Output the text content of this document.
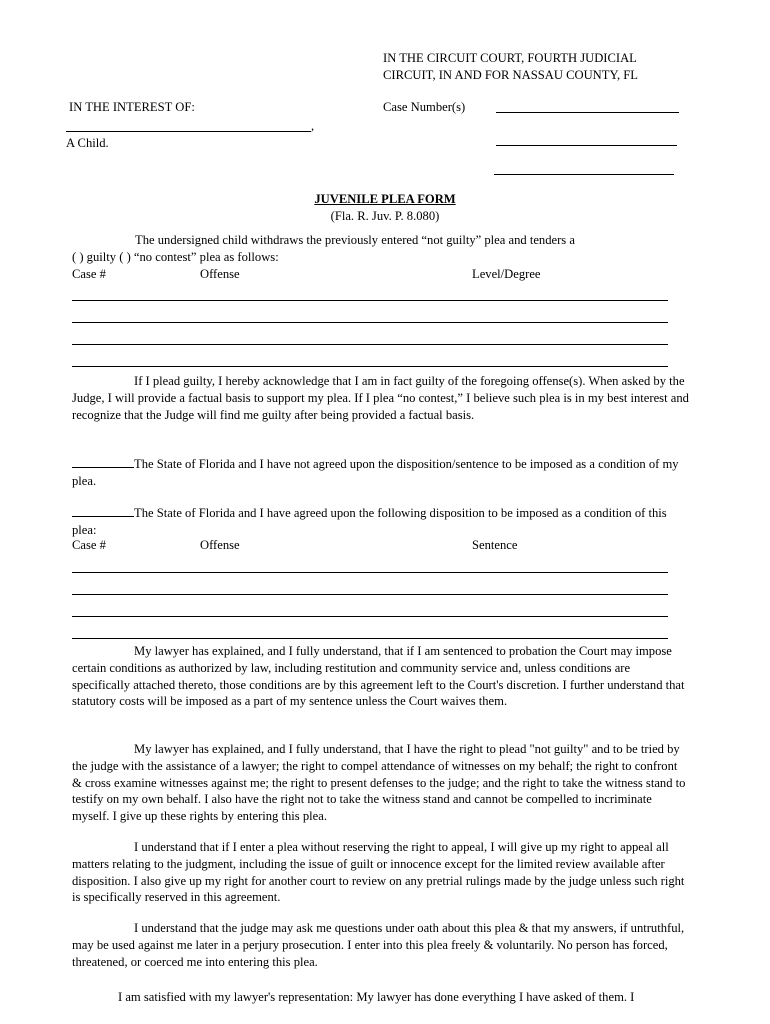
IN THE CIRCUIT COURT, FOURTH JUDICIAL
CIRCUIT, IN AND FOR NASSAU COUNTY, FL
IN THE INTEREST OF:	Case Number(s)
,
A Child.
JUVENILE PLEA FORM
(Fla. R. Juv. P. 8.080)
The undersigned child withdraws the previously entered “not guilty” plea and tenders a
( ) guilty ( ) “no contest” plea as follows:
Case #	Offense	Level/Degree
If I plead guilty, I hereby acknowledge that I am in fact guilty of the foregoing offense(s). When asked by the Judge, I will provide a factual basis to support my plea. If I plea “no contest,” I believe such plea is in my best interest and recognize that the Judge will find me guilty after being provided a factual basis.
The State of Florida and I have not agreed upon the disposition/sentence to be imposed as a condition of my plea.
The State of Florida and I have agreed upon the following disposition to be imposed as a condition of this plea:
Case #	Offense	Sentence
My lawyer has explained, and I fully understand, that if I am sentenced to probation the Court may impose certain conditions as authorized by law, including restitution and community service and, unless conditions are specifically attached thereto, those conditions are by this agreement left to the Court's discretion. I further understand that statutory costs will be imposed as a part of my sentence unless the Court waives them.
My lawyer has explained, and I fully understand, that I have the right to plead "not guilty" and to be tried by the judge with the assistance of a lawyer; the right to compel attendance of witnesses on my behalf; the right to confront & cross examine witnesses against me; the right to present defenses to the judge; and the right to take the witness stand to testify on my own behalf. I also have the right not to take the witness stand and cannot be compelled to incriminate myself. I give up these rights by entering this plea.
I understand that if I enter a plea without reserving the right to appeal, I will give up my right to appeal all matters relating to the judgment, including the issue of guilt or innocence except for the limited review available after disposition. I also give up my right for another court to review on any pretrial rulings made by the judge unless such right is specifically reserved in this agreement.
I understand that the judge may ask me questions under oath about this plea & that my answers, if untruthful, may be used against me later in a perjury prosecution. I enter into this plea freely & voluntarily. No person has forced, threatened, or coerced me into entering this plea.
I am satisfied with my lawyer's representation: My lawyer has done everything I have asked of them. I
